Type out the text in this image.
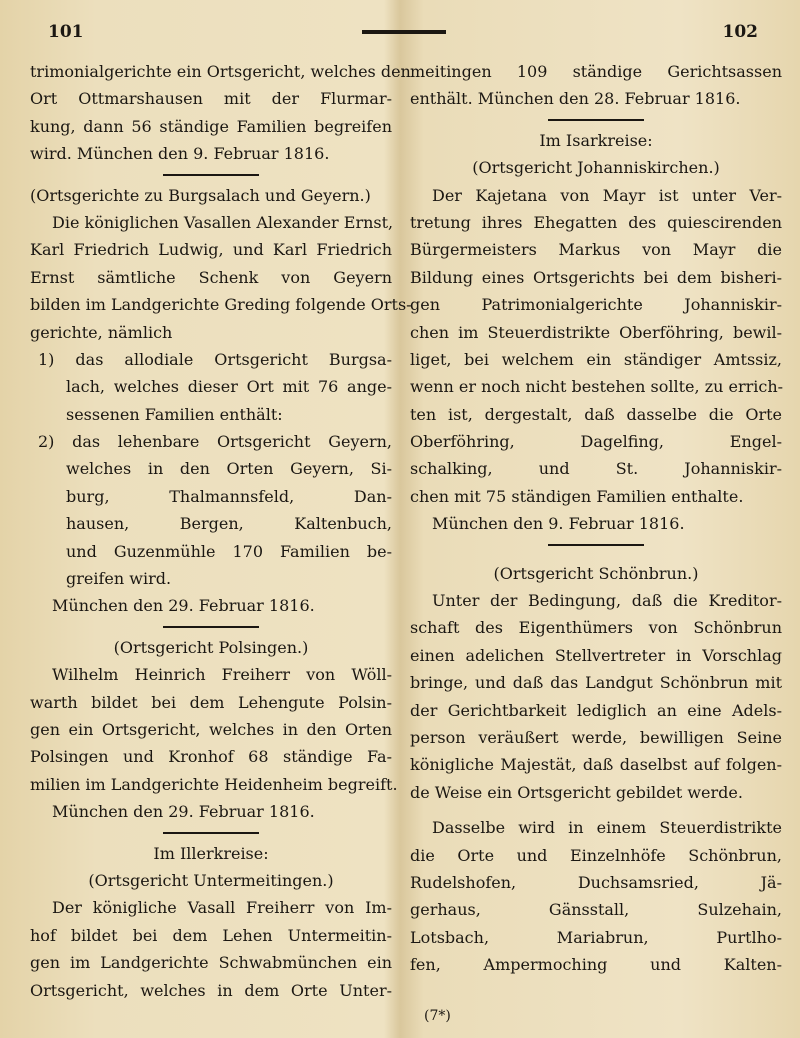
101	102
trimonialgerichte ein Ortsgericht, welches den
Ort Ottmarshausen mit der Flurmar-
kung, dann 56 ständige Familien begreifen
wird. München den 9. Februar 1816.
(Ortsgerichte zu Burgsalach und Geyern.)
Die königlichen Vasallen Alexander Ernst,
Karl Friedrich Ludwig, und Karl Friedrich
Ernst sämtliche Schenk von Geyern
bilden im Landgerichte Greding folgende Orts-
gerichte, nämlich
1) das allodiale Ortsgericht Burgsa-
lach, welches dieser Ort mit 76 ange-
sessenen Familien enthält:
2) das lehenbare Ortsgericht Geyern,
welches in den Orten Geyern, Si-
burg, Thalmannsfeld, Dan-
hausen, Bergen, Kaltenbuch,
und Guzenmühle 170 Familien be-
greifen wird.
München den 29. Februar 1816.
(Ortsgericht Polsingen.)
Wilhelm Heinrich Freiherr von Wöll-
warth bildet bei dem Lehengute Polsin-
gen ein Ortsgericht, welches in den Orten
Polsingen und Kronhof 68 ständige Fa-
milien im Landgerichte Heidenheim begreift.
München den 29. Februar 1816.
Im Illerkreise:
(Ortsgericht Untermeitingen.)
Der königliche Vasall Freiherr von Im-
hof bildet bei dem Lehen Untermeitin-
gen im Landgerichte Schwabmünchen ein
Ortsgericht, welches in dem Orte Unter-
meitingen 109 ständige Gerichtsassen
enthält. München den 28. Februar 1816.
Im Isarkreise:
(Ortsgericht Johanniskirchen.)
Der Kajetana von Mayr ist unter Ver-
tretung ihres Ehegatten des quiescirenden
Bürgermeisters Markus von Mayr die
Bildung eines Ortsgerichts bei dem bisheri-
gen Patrimonialgerichte Johanniskir-
chen im Steuerdistrikte Oberföhring, bewil-
liget, bei welchem ein ständiger Amtssiz,
wenn er noch nicht bestehen sollte, zu errich-
ten ist, dergestalt, daß dasselbe die Orte
Oberföhring, Dagelfing, Engel-
schalking, und St. Johanniskir-
chen mit 75 ständigen Familien enthalte.
München den 9. Februar 1816.
(Ortsgericht Schönbrun.)
Unter der Bedingung, daß die Kreditor-
schaft des Eigenthümers von Schönbrun
einen adelichen Stellvertreter in Vorschlag
bringe, und daß das Landgut Schönbrun mit
der Gerichtbarkeit lediglich an eine Adels-
person veräußert werde, bewilligen Seine
königliche Majestät, daß daselbst auf folgen-
de Weise ein Ortsgericht gebildet werde.
Dasselbe wird in einem Steuerdistrikte
die Orte und Einzelnhöfe Schönbrun,
Rudelshofen, Duchsamsried, Jä-
gerhaus, Gänsstall, Sulzehain,
Lotsbach, Mariabrun, Purtlho-
fen, Ampermoching und Kalten-
(7*)
